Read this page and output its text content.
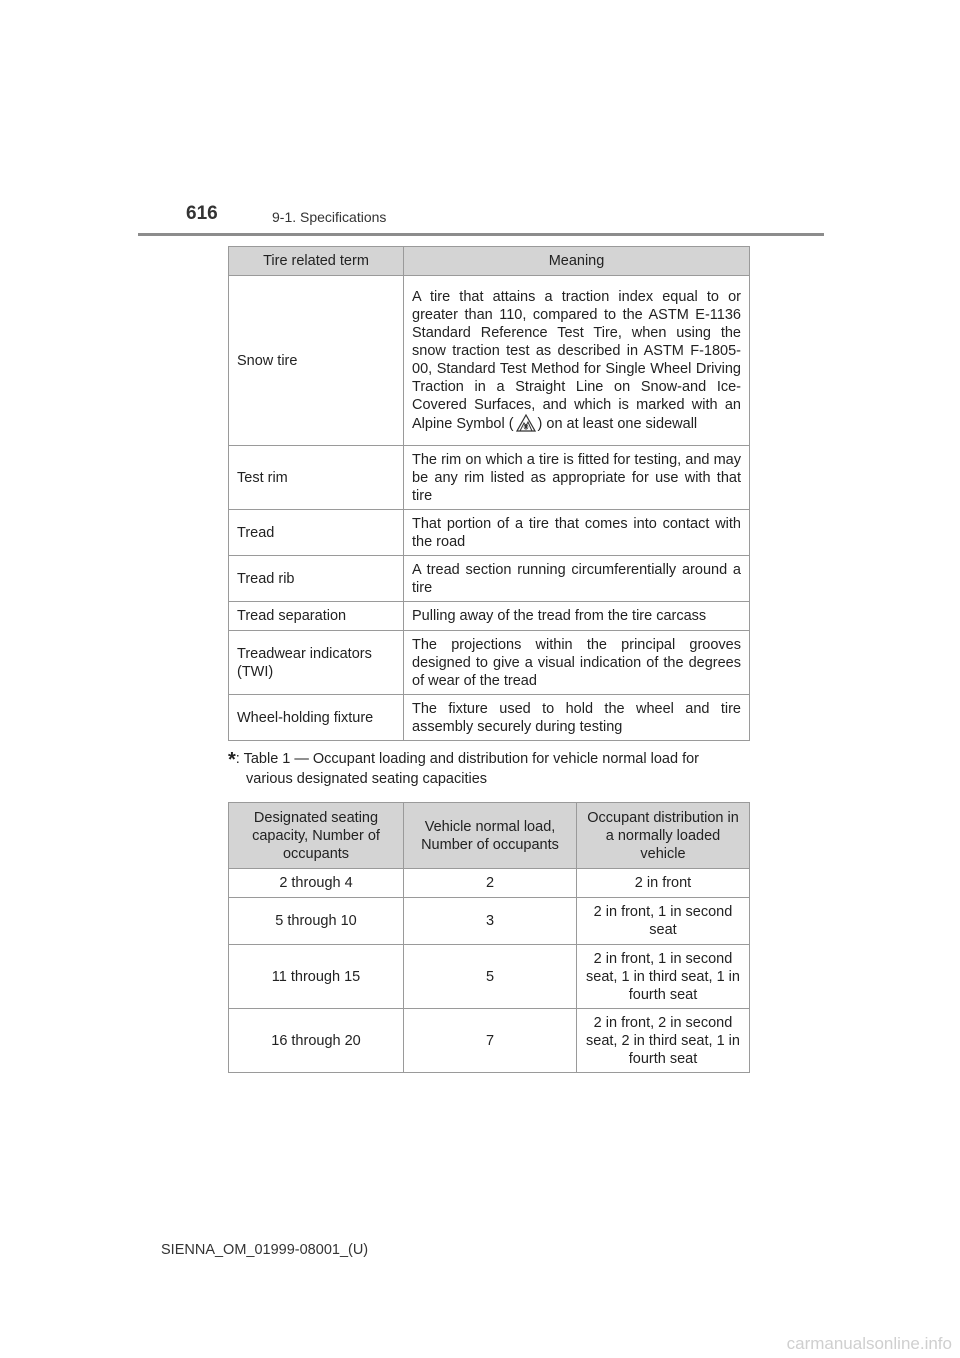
616	9-1. Specifications
Tire related term	Meaning
Snow tire	A tire that attains a traction index equal to or greater than 110, compared to the ASTM E-1136 Standard Reference Test Tire, when using the snow traction test as described in ASTM F-1805-00, Standard Test Method for Single Wheel Driving Traction in a Straight Line on Snow-and Ice-Covered Surfaces, and which is marked with an Alpine Symbol ( ) on at least one sidewall
Test rim	The rim on which a tire is fitted for testing, and may be any rim listed as appropriate for use with that tire
Tread	That portion of a tire that comes into contact with the road
Tread rib	A tread section running circumferentially around a tire
Tread separation	Pulling away of the tread from the tire carcass
Treadwear indicators (TWI)	The projections within the principal grooves designed to give a visual indication of the degrees of wear of the tread
Wheel-holding fixture	The fixture used to hold the wheel and tire assembly securely during testing
*: Table 1 — Occupant loading and distribution for vehicle normal load for
various designated seating capacities
Designated seating capacity, Number of occupants	Vehicle normal load, Number of occupants	Occupant distribution in a normally loaded vehicle
2 through 4	2	2 in front
5 through 10	3	2 in front, 1 in second seat
11 through 15	5	2 in front, 1 in second seat, 1 in third seat, 1 in fourth seat
16 through 20	7	2 in front, 2 in second seat, 2 in third seat, 1 in fourth seat
SIENNA_OM_01999-08001_(U)
carmanualsonline.info
